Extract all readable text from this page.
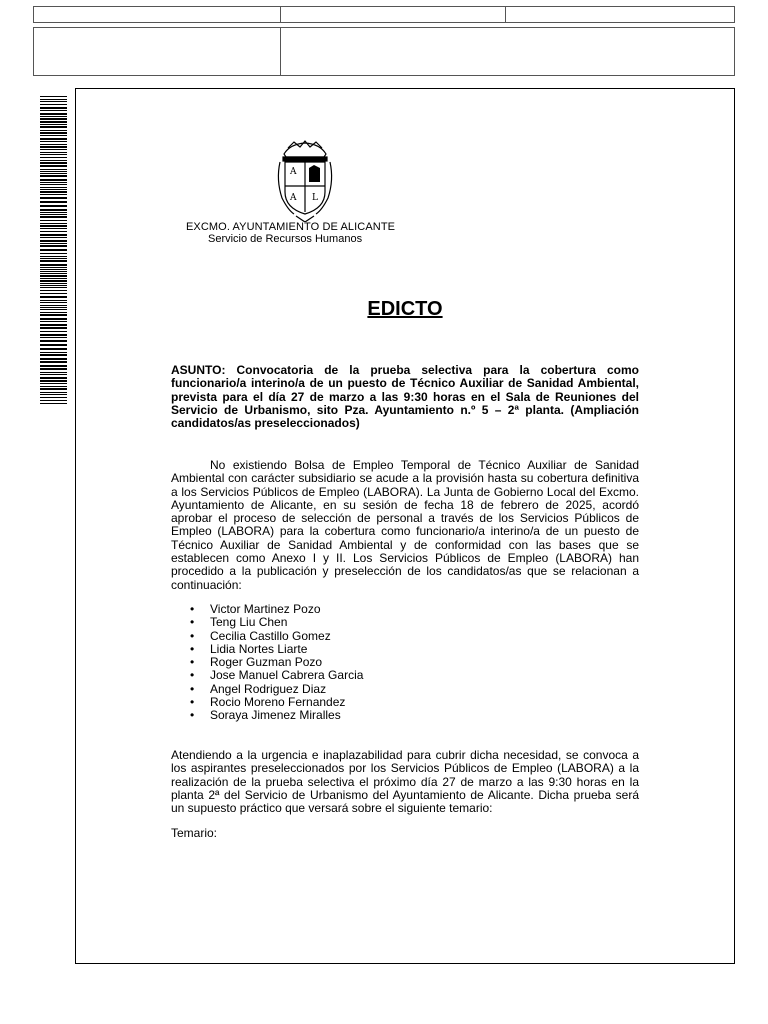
A
A L
EXCMO. AYUNTAMIENTO DE ALICANTE
Servicio de Recursos Humanos
EDICTO
ASUNTO: Convocatoria de la prueba selectiva para la cobertura como funcionario/a interino/a de un puesto de Técnico Auxiliar de Sanidad Ambiental, prevista para el día 27 de marzo a las 9:30 horas en el Sala de Reuniones del Servicio de Urbanismo, sito Pza. Ayuntamiento n.º 5 – 2ª planta. (Ampliación candidatos/as preseleccionados)
No existiendo Bolsa de Empleo Temporal de Técnico Auxiliar de Sanidad Ambiental con carácter subsidiario se acude a la provisión hasta su cobertura definitiva a los Servicios Públicos de Empleo (LABORA). La Junta de Gobierno Local del Excmo. Ayuntamiento de Alicante, en su sesión de fecha 18 de febrero de 2025, acordó aprobar el proceso de selección de personal a través de los Servicios Públicos de Empleo (LABORA) para la cobertura como funcionario/a interino/a de un puesto de Técnico Auxiliar de Sanidad Ambiental y de conformidad con las bases que se establecen como Anexo I y II. Los Servicios Públicos de Empleo (LABORA) han procedido a la publicación y preselección de los candidatos/as que se relacionan a continuación:
• Victor Martinez Pozo
• Teng Liu Chen
• Cecilia Castillo Gomez
• Lidia Nortes Liarte
• Roger Guzman Pozo
• Jose Manuel Cabrera Garcia
• Angel Rodriguez Diaz
• Rocio Moreno Fernandez
• Soraya Jimenez Miralles
Atendiendo a la urgencia e inaplazabilidad para cubrir dicha necesidad, se convoca a los aspirantes preseleccionados por los Servicios Públicos de Empleo (LABORA) a la realización de la prueba selectiva el próximo día 27 de marzo a las 9:30 horas en la planta 2ª del Servicio de Urbanismo del Ayuntamiento de Alicante. Dicha prueba será un supuesto práctico que versará sobre el siguiente temario:
Temario:
